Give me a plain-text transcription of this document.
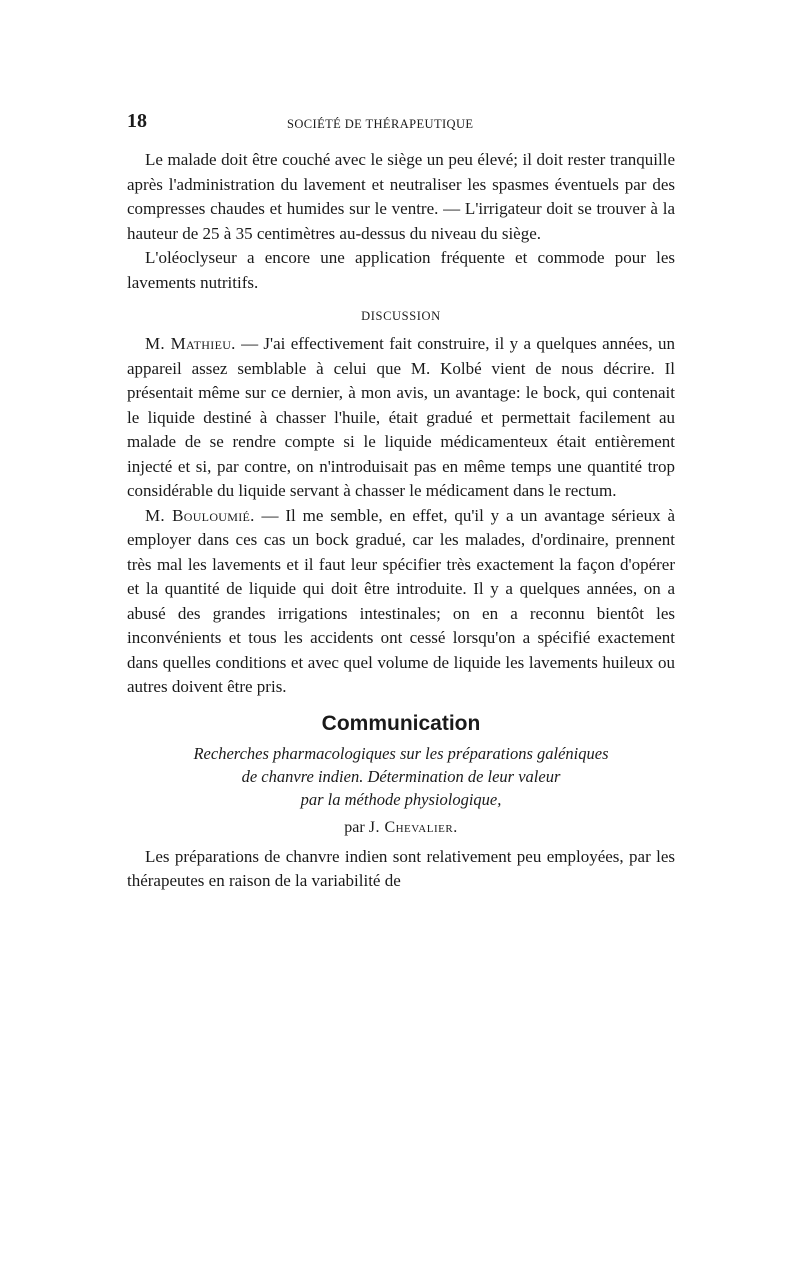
18	SOCIÉTÉ DE THÉRAPEUTIQUE

Le malade doit être couché avec le siège un peu élevé; il doit rester tranquille après l'administration du lavement et neutraliser les spasmes éventuels par des compresses chaudes et humides sur le ventre. — L'irrigateur doit se trouver à la hauteur de 25 à 35 centimètres au-dessus du niveau du siège.

L'oléoclyseur a encore une application fréquente et commode pour les lavements nutritifs.

DISCUSSION

M. Mathieu. — J'ai effectivement fait construire, il y a quelques années, un appareil assez semblable à celui que M. Kolbé vient de nous décrire. Il présentait même sur ce dernier, à mon avis, un avantage: le bock, qui contenait le liquide destiné à chasser l'huile, était gradué et permettait facilement au malade de se rendre compte si le liquide médicamenteux était entièrement injecté et si, par contre, on n'introduisait pas en même temps une quantité trop considérable du liquide servant à chasser le médicament dans le rectum.

M. Bouloumié. — Il me semble, en effet, qu'il y a un avantage sérieux à employer dans ces cas un bock gradué, car les malades, d'ordinaire, prennent très mal les lavements et il faut leur spécifier très exactement la façon d'opérer et la quantité de liquide qui doit être introduite. Il y a quelques années, on a abusé des grandes irrigations intestinales; on en a reconnu bientôt les inconvénients et tous les accidents ont cessé lorsqu'on a spécifié exactement dans quelles conditions et avec quel volume de liquide les lavements huileux ou autres doivent être pris.

Communication

Recherches pharmacologiques sur les préparations galéniques
de chanvre indien. Détermination de leur valeur
par la méthode physiologique,

par J. Chevalier.

Les préparations de chanvre indien sont relativement peu employées, par les thérapeutes en raison de la variabilité de
